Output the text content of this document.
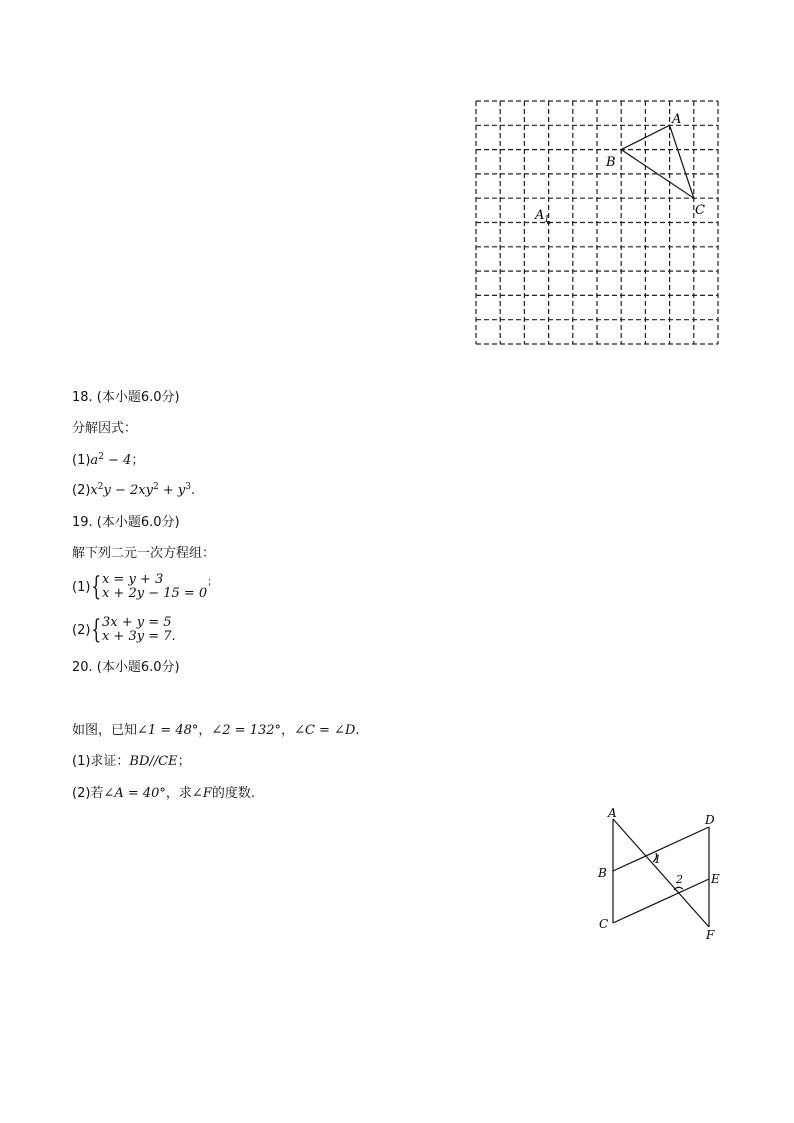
A
B
C
A 1
18. (本小题6.0分)
分解因式：
$(1)a^2 - 4$；
$(2)x^2y - 2xy^2 + y^3$.
19. (本小题6.0分)
解下列二元一次方程组：
(1) { x = y + 3
x + 2y − 15 = 0
；
(2) { 3x + y = 5
x + 3y = 7 .
20. (本小题6.0分)
如图，已知∠1 = 48°，∠2 = 132°，∠C = ∠D.
(1)求证：BD//CE；
(2)若∠A = 40°，求∠F的度数.
A
B
C
D
E
F
1
2
